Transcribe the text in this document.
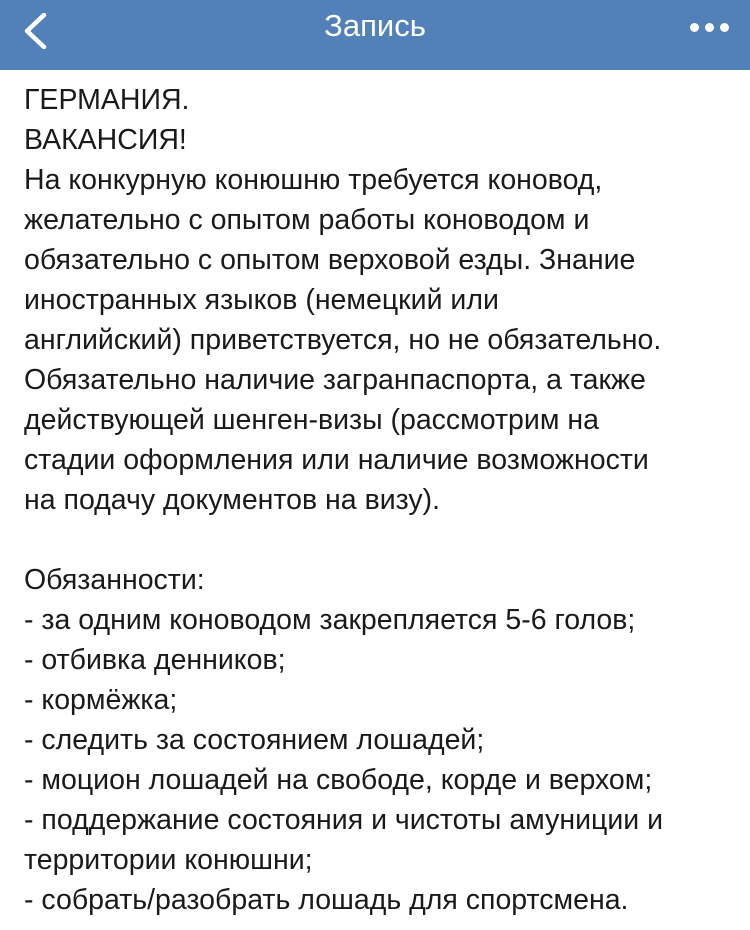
Запись
ГЕРМАНИЯ.
ВАКАНСИЯ!
На конкурную конюшню требуется коновод,
желательно с опытом работы коноводом и
обязательно с опытом верховой езды. Знание
иностранных языков (немецкий или
английский) приветствуется, но не обязательно.
Обязательно наличие загранпаспорта, а также
действующей шенген-визы (рассмотрим на
стадии оформления или наличие возможности
на подачу документов на визу).
Обязанности:
- за одним коноводом закрепляется 5-6 голов;
- отбивка денников;
- кормёжка;
- следить за состоянием лошадей;
- моцион лошадей на свободе, корде и верхом;
- поддержание состояния и чистоты амуниции и
территории конюшни;
- собрать/разобрать лошадь для спортсмена.
